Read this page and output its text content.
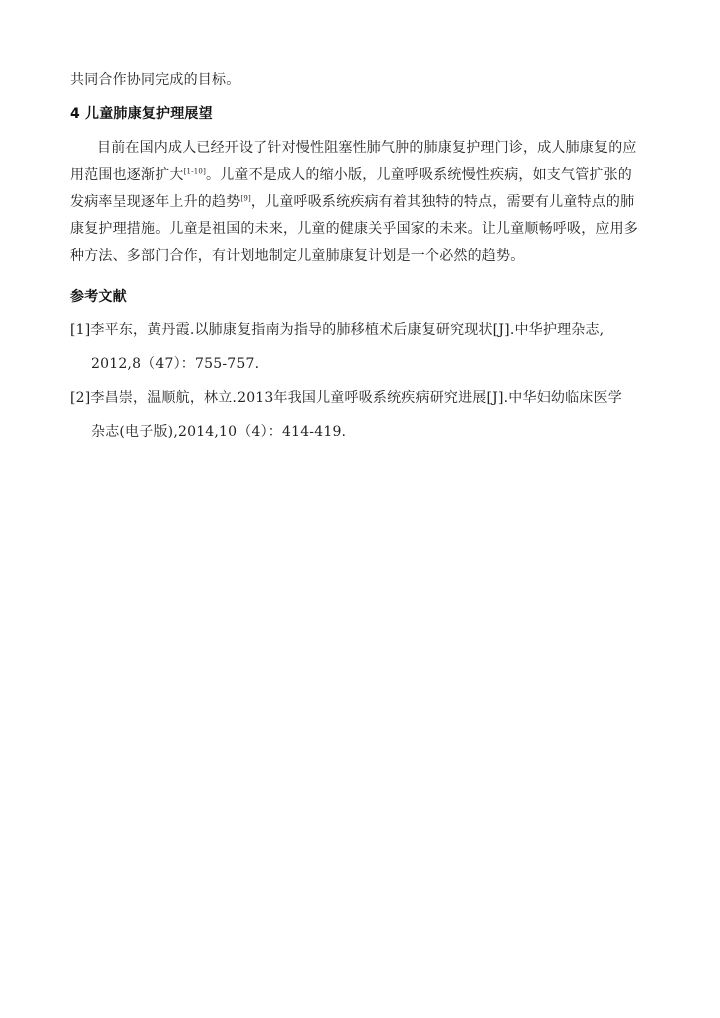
共同合作协同完成的目标。
4 儿童肺康复护理展望
目前在国内成人已经开设了针对慢性阻塞性肺气肿的肺康复护理门诊，成人肺康复的应
用范围也逐渐扩大[1-10]。儿童不是成人的缩小版，儿童呼吸系统慢性疾病，如支气管扩张的
发病率呈现逐年上升的趋势[9]，儿童呼吸系统疾病有着其独特的特点，需要有儿童特点的肺
康复护理措施。儿童是祖国的未来，儿童的健康关乎国家的未来。让儿童顺畅呼吸，应用多
种方法、多部门合作，有计划地制定儿童肺康复计划是一个必然的趋势。
参考文献
[1]李平东，黄丹霞.以肺康复指南为指导的肺移植术后康复研究现状[J].中华护理杂志,
2012,8（47）：755-757.
[2]李昌崇，温顺航，林立.2013年我国儿童呼吸系统疾病研究进展[J].中华妇幼临床医学
杂志(电子版),2014,10（4）：414-419.
